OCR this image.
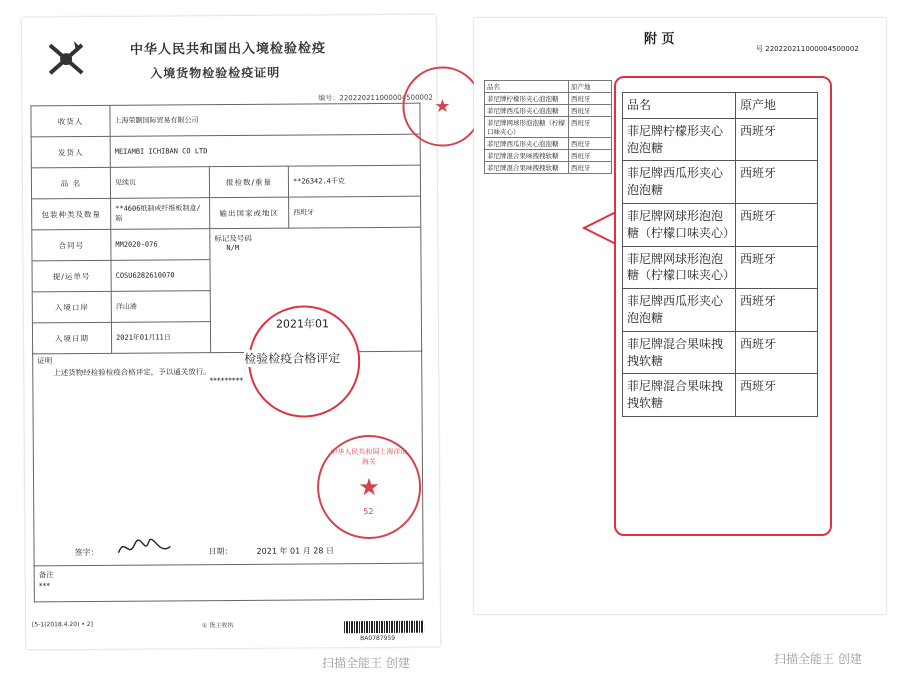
中华人民共和国出入境检验检疫
入境货物检验检疫证明
编号：220220211000004500002
收货人	上海荣颢国际贸易有限公司		
发货人	MEIAMBI ICHIBAN CO LTD		
品 名	见续页	报检数/重量	**26342.4千克
包装种类及数量	**4606纸制或纤维板制盒/箱	输出国家或地区	西班牙
合同号	MM2020-076	标记及号码
N/M	

提/运单号	COSU6282610070		
入境口岸	洋山港		
入境日期	2021年01月11日		
证明
上述货物经检验检疫合格评定，予以通关放行。
*********
签字：	日期：	2021 年 01 月 28 日
备注
***
[5-1(2018.4.20) • 2]	① 货主收执
BA0787959
★
★
中华人民共和国上海洋山海关
52
2021年01
检验检疫合格评定
附 页
号 220220211000004500002
品名	原产地
菲尼牌柠檬形夹心泡泡糖	西班牙
菲尼牌西瓜形夹心泡泡糖	西班牙
菲尼牌网球形泡泡糖（柠檬口味夹心）	西班牙
菲尼牌西瓜形夹心泡泡糖	西班牙
菲尼牌混合果味拽拽软糖	西班牙
菲尼牌混合果味拽拽软糖	西班牙
品名	原产地
菲尼牌柠檬形夹心泡泡糖	西班牙
菲尼牌西瓜形夹心泡泡糖	西班牙
菲尼牌网球形泡泡糖（柠檬口味夹心）	西班牙
菲尼牌网球形泡泡糖（柠檬口味夹心）	西班牙
菲尼牌西瓜形夹心泡泡糖	西班牙
菲尼牌混合果味拽拽软糖	西班牙
菲尼牌混合果味拽拽软糖	西班牙
扫描全能王 创建	扫描全能王 创建
